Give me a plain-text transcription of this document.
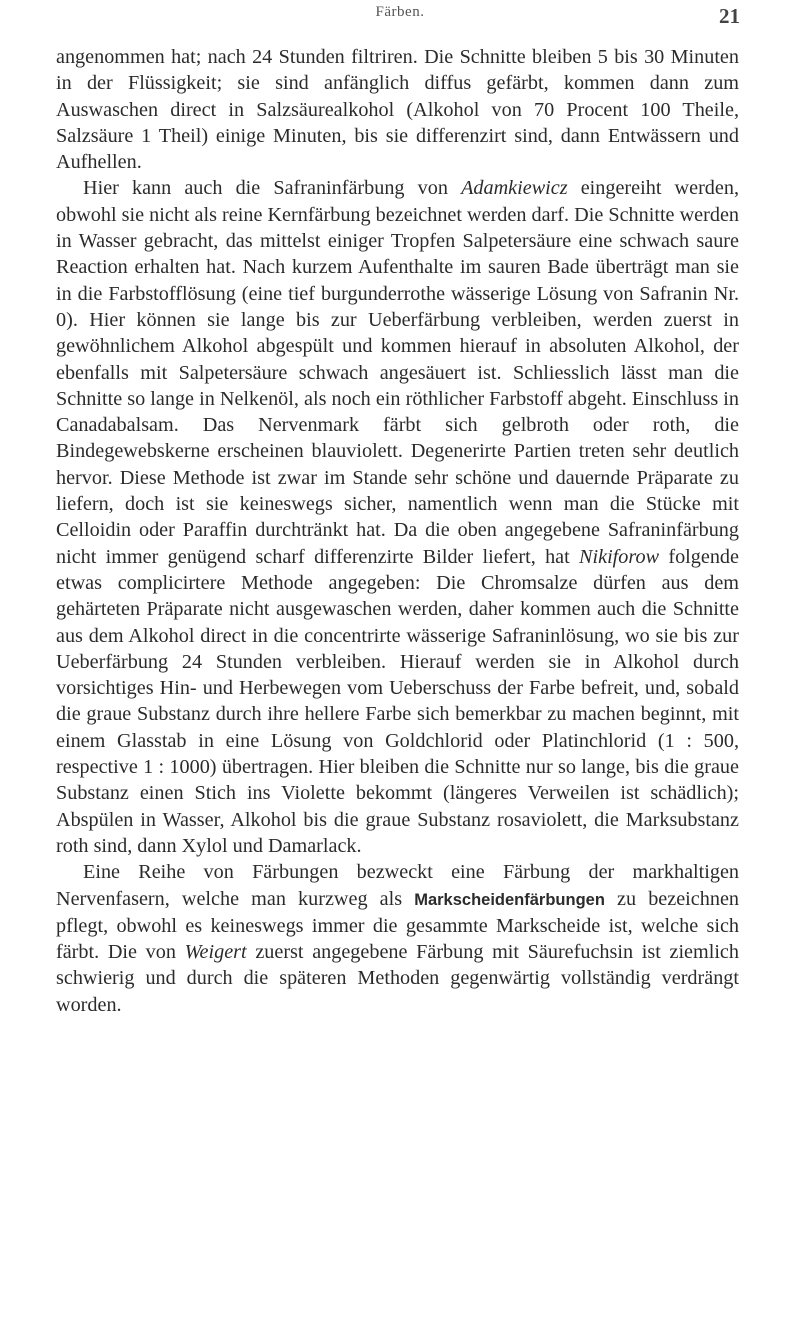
Färben.	21

angenommen hat; nach 24 Stunden filtriren. Die Schnitte bleiben 5 bis 30 Minuten in der Flüssigkeit; sie sind anfänglich diffus gefärbt, kommen dann zum Auswaschen direct in Salzsäurealkohol (Alkohol von 70 Procent 100 Theile, Salzsäure 1 Theil) einige Minuten, bis sie differenzirt sind, dann Entwässern und Aufhellen.

Hier kann auch die Safraninfärbung von Adamkiewicz eingereiht werden, obwohl sie nicht als reine Kernfärbung bezeichnet werden darf. Die Schnitte werden in Wasser gebracht, das mittelst einiger Tropfen Salpetersäure eine schwach saure Reaction erhalten hat. Nach kurzem Aufenthalte im sauren Bade überträgt man sie in die Farbstofflösung (eine tief burgunderrothe wässerige Lösung von Safranin Nr. 0). Hier können sie lange bis zur Ueberfärbung verbleiben, werden zuerst in gewöhnlichem Alkohol abgespült und kommen hierauf in absoluten Alkohol, der ebenfalls mit Salpetersäure schwach angesäuert ist. Schliesslich lässt man die Schnitte so lange in Nelkenöl, als noch ein röthlicher Farbstoff abgeht. Einschluss in Canadabalsam. Das Nervenmark färbt sich gelbroth oder roth, die Bindegewebskerne erscheinen blauviolett. Degenerirte Partien treten sehr deutlich hervor. Diese Methode ist zwar im Stande sehr schöne und dauernde Präparate zu liefern, doch ist sie keineswegs sicher, namentlich wenn man die Stücke mit Celloidin oder Paraffin durchtränkt hat. Da die oben angegebene Safraninfärbung nicht immer genügend scharf differenzirte Bilder liefert, hat Nikiforow folgende etwas complicirtere Methode angegeben: Die Chromsalze dürfen aus dem gehärteten Präparate nicht ausgewaschen werden, daher kommen auch die Schnitte aus dem Alkohol direct in die concentrirte wässerige Safraninlösung, wo sie bis zur Ueberfärbung 24 Stunden verbleiben. Hierauf werden sie in Alkohol durch vorsichtiges Hin- und Herbewegen vom Ueberschuss der Farbe befreit, und, sobald die graue Substanz durch ihre hellere Farbe sich bemerkbar zu machen beginnt, mit einem Glasstab in eine Lösung von Goldchlorid oder Platinchlorid (1 : 500, respective 1 : 1000) übertragen. Hier bleiben die Schnitte nur so lange, bis die graue Substanz einen Stich ins Violette bekommt (längeres Verweilen ist schädlich); Abspülen in Wasser, Alkohol bis die graue Substanz rosaviolett, die Marksubstanz roth sind, dann Xylol und Damarlack.

Eine Reihe von Färbungen bezweckt eine Färbung der markhaltigen Nervenfasern, welche man kurzweg als Markscheidenfärbungen zu bezeichnen pflegt, obwohl es keineswegs immer die gesammte Markscheide ist, welche sich färbt. Die von Weigert zuerst angegebene Färbung mit Säurefuchsin ist ziemlich schwierig und durch die späteren Methoden gegenwärtig vollständig verdrängt worden.
